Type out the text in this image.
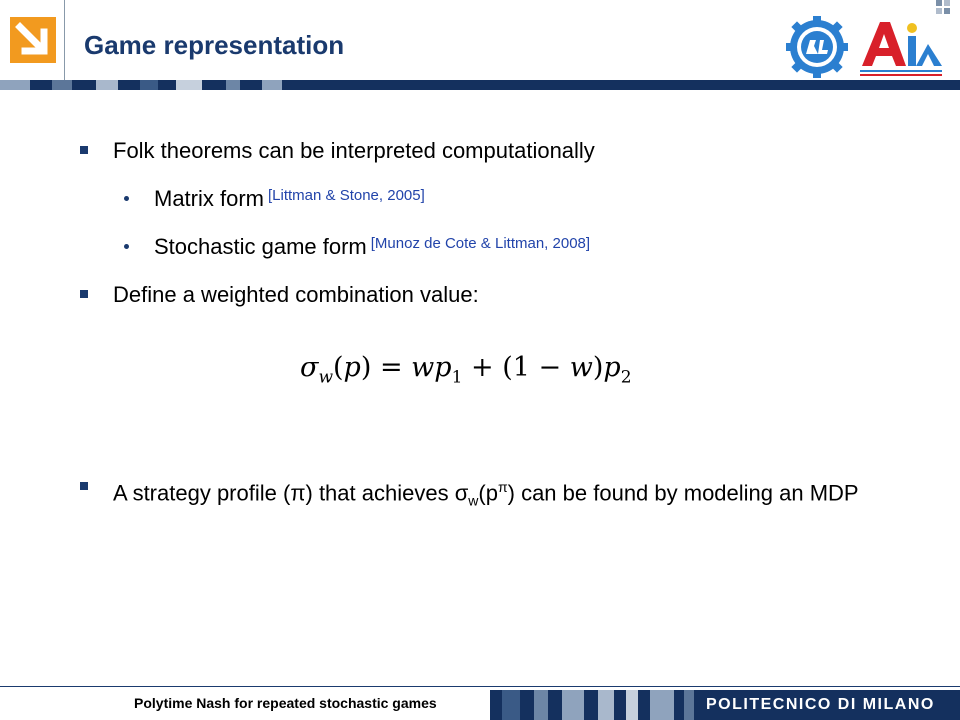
Game representation
Folk theorems can be interpreted computationally
Matrix form [Littman & Stone, 2005]
Stochastic game form [Munoz de Cote & Littman, 2008]
Define a weighted combination value:
$\sigma_w(p) = wp_1 + (1 - w)p_2$
A strategy profile (π) that achieves $\sigma_w(p^\pi)$ can be found by modeling an MDP
Polytime Nash for repeated stochastic games	POLITECNICO DI MILANO
